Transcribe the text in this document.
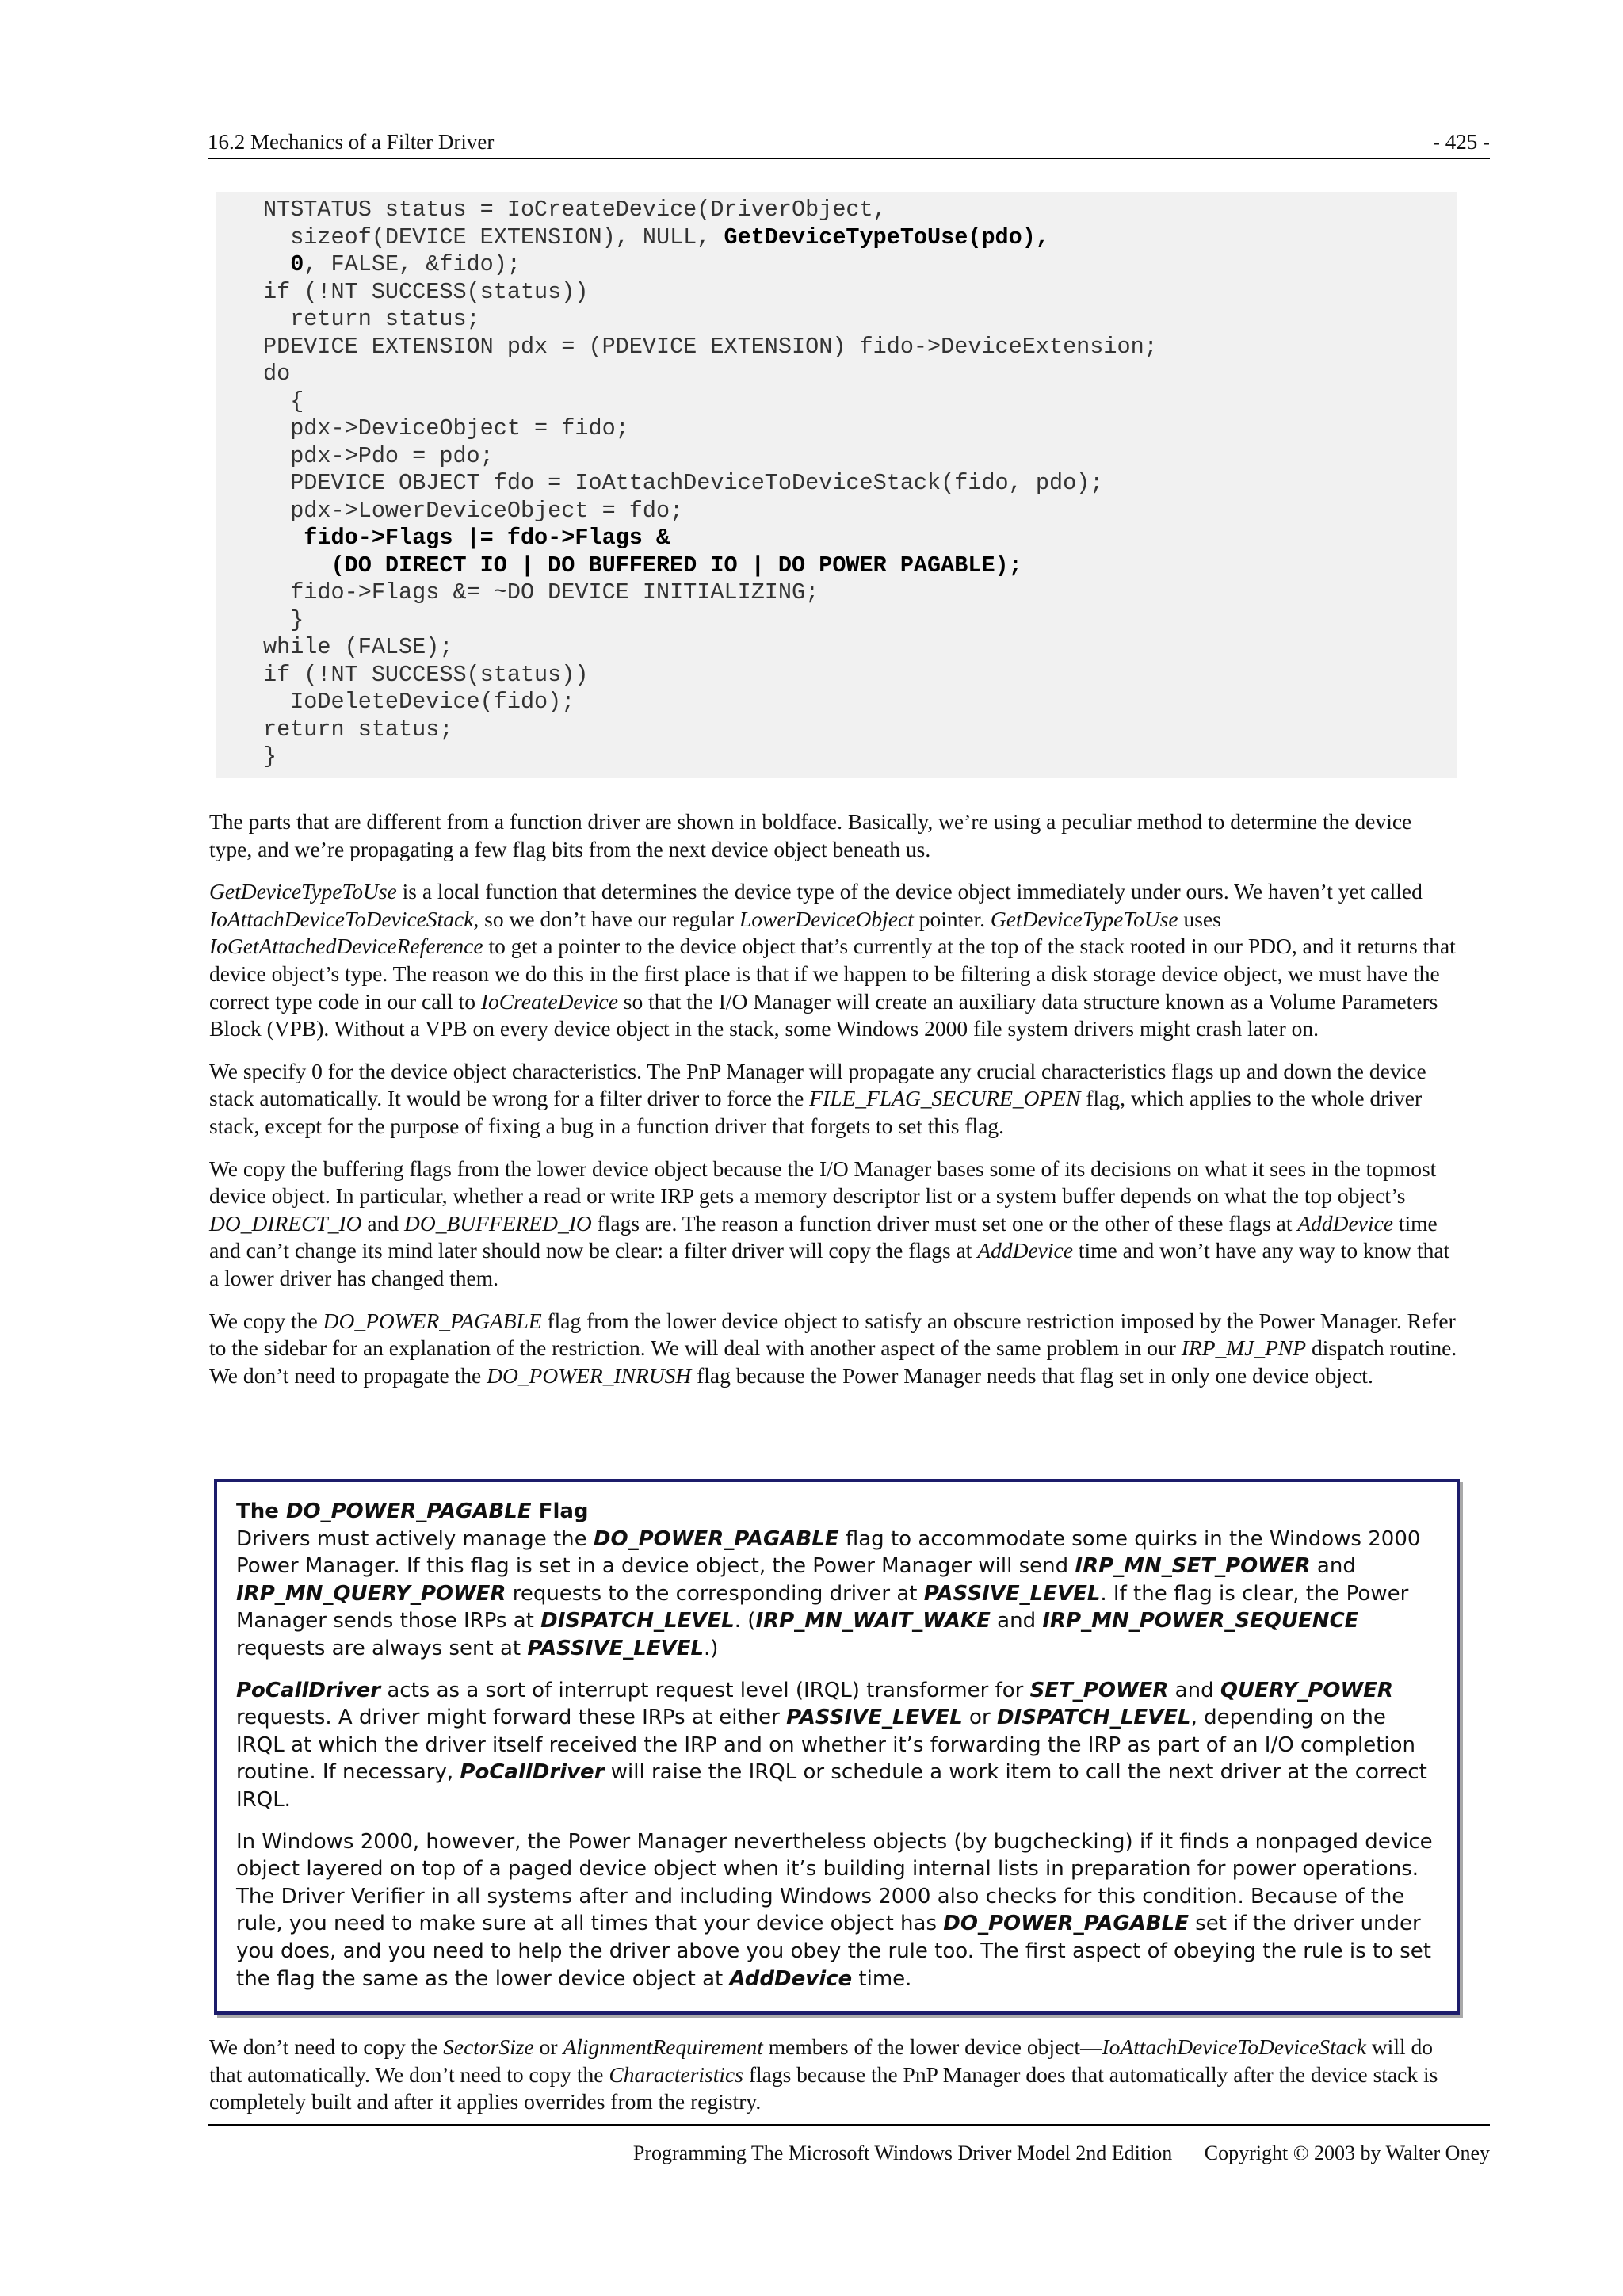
16.2 Mechanics of a Filter Driver	- 425 -
NTSTATUS status = IoCreateDevice(DriverObject,
sizeof(DEVICE EXTENSION), NULL, GetDeviceTypeToUse(pdo),
0, FALSE, &fido);
if (!NT SUCCESS(status))
return status;
PDEVICE EXTENSION pdx = (PDEVICE EXTENSION) fido->DeviceExtension;
do
{
pdx->DeviceObject = fido;
pdx->Pdo = pdo;
PDEVICE OBJECT fdo = IoAttachDeviceToDeviceStack(fido, pdo);
pdx->LowerDeviceObject = fdo;
fido->Flags |= fdo->Flags &
(DO DIRECT IO | DO BUFFERED IO | DO POWER PAGABLE);
fido->Flags &= ~DO DEVICE INITIALIZING;
}
while (FALSE);
if (!NT SUCCESS(status))
IoDeleteDevice(fido);
return status;
}

The parts that are different from a function driver are shown in boldface. Basically, we’re using a peculiar method to determine the device type, and we’re propagating a few flag bits from the next device object beneath us.

GetDeviceTypeToUse is a local function that determines the device type of the device object immediately under ours. We haven’t yet called IoAttachDeviceToDeviceStack, so we don’t have our regular LowerDeviceObject pointer. GetDeviceTypeToUse uses IoGetAttachedDeviceReference to get a pointer to the device object that’s currently at the top of the stack rooted in our PDO, and it returns that device object’s type. The reason we do this in the first place is that if we happen to be filtering a disk storage device object, we must have the correct type code in our call to IoCreateDevice so that the I/O Manager will create an auxiliary data structure known as a Volume Parameters Block (VPB). Without a VPB on every device object in the stack, some Windows 2000 file system drivers might crash later on.

We specify 0 for the device object characteristics. The PnP Manager will propagate any crucial characteristics flags up and down the device stack automatically. It would be wrong for a filter driver to force the FILE_FLAG_SECURE_OPEN flag, which applies to the whole driver stack, except for the purpose of fixing a bug in a function driver that forgets to set this flag.

We copy the buffering flags from the lower device object because the I/O Manager bases some of its decisions on what it sees in the topmost device object. In particular, whether a read or write IRP gets a memory descriptor list or a system buffer depends on what the top object’s DO_DIRECT_IO and DO_BUFFERED_IO flags are. The reason a function driver must set one or the other of these flags at AddDevice time and can’t change its mind later should now be clear: a filter driver will copy the flags at AddDevice time and won’t have any way to know that a lower driver has changed them.

We copy the DO_POWER_PAGABLE flag from the lower device object to satisfy an obscure restriction imposed by the Power Manager. Refer to the sidebar for an explanation of the restriction. We will deal with another aspect of the same problem in our IRP_MJ_PNP dispatch routine. We don’t need to propagate the DO_POWER_INRUSH flag because the Power Manager needs that flag set in only one device object.

The DO_POWER_PAGABLE Flag

Drivers must actively manage the DO_POWER_PAGABLE flag to accommodate some quirks in the Windows 2000 Power Manager. If this flag is set in a device object, the Power Manager will send IRP_MN_SET_POWER and IRP_MN_QUERY_POWER requests to the corresponding driver at PASSIVE_LEVEL. If the flag is clear, the Power Manager sends those IRPs at DISPATCH_LEVEL. (IRP_MN_WAIT_WAKE and IRP_MN_POWER_SEQUENCE requests are always sent at PASSIVE_LEVEL.)

PoCallDriver acts as a sort of interrupt request level (IRQL) transformer for SET_POWER and QUERY_POWER requests. A driver might forward these IRPs at either PASSIVE_LEVEL or DISPATCH_LEVEL, depending on the IRQL at which the driver itself received the IRP and on whether it’s forwarding the IRP as part of an I/O completion routine. If necessary, PoCallDriver will raise the IRQL or schedule a work item to call the next driver at the correct IRQL.

In Windows 2000, however, the Power Manager nevertheless objects (by bugchecking) if it finds a nonpaged device object layered on top of a paged device object when it’s building internal lists in preparation for power operations. The Driver Verifier in all systems after and including Windows 2000 also checks for this condition. Because of the rule, you need to make sure at all times that your device object has DO_POWER_PAGABLE set if the driver under you does, and you need to help the driver above you obey the rule too. The first aspect of obeying the rule is to set the flag the same as the lower device object at AddDevice time.

We don’t need to copy the SectorSize or AlignmentRequirement members of the lower device object—IoAttachDeviceToDeviceStack will do that automatically. We don’t need to copy the Characteristics flags because the PnP Manager does that automatically after the device stack is completely built and after it applies overrides from the registry.

Programming The Microsoft Windows Driver Model 2nd Edition Copyright © 2003 by Walter Oney
